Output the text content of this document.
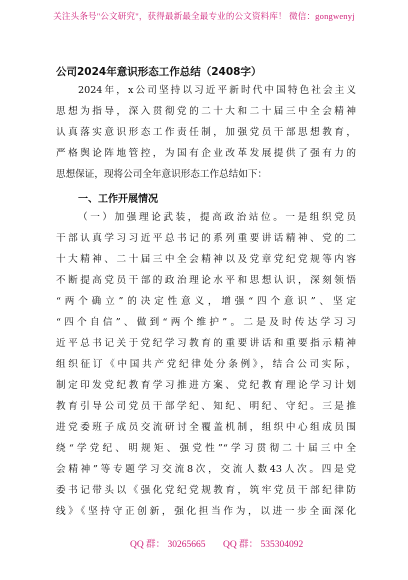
关注头条号"公文研究"，获得最新最全最专业的公文资料库！ 微信：gongwenyj
公司2024年意识形态工作总结（2408字）
2024年，x公司坚持以习近平新时代中国特色社会主义
思想为指导，深入贯彻党的二十大和二十届三中全会精神
认真落实意识形态工作责任制，加强党员干部思想教育，
严格舆论阵地管控，为国有企业改革发展提供了强有力的
思想保证，现将公司全年意识形态工作总结如下：
一、工作开展情况
（一）加强理论武装，提高政治站位。一是组织党员
干部认真学习习近平总书记的系列重要讲话精神、党的二
十大精神、二十届三中全会精神以及党章党纪党规等内容
不断提高党员干部的政治理论水平和思想认识，深刻领悟
“两个确立”的决定性意义，增强“四个意识”、坚定
“四个自信”、做到“两个维护”。二是及时传达学习习
近平总书记关于党纪学习教育的重要讲话和重要指示精神
组织征订《中国共产党纪律处分条例》，结合公司实际，
制定印发党纪教育学习推进方案、党纪教育理论学习计划
教育引导公司党员干部学纪、知纪、明纪、守纪。三是推
进党委班子成员交流研讨全覆盖机制，组织中心组成员围
绕“学党纪、明规矩、强党性”“学习贯彻二十届三中全
会精神”等专题学习交流8次，交流人数43人次。四是党
委书记带头以《强化党纪党规教育，筑牢党员干部纪律防
线》《坚持守正创新，强化担当作为，以进一步全面深化
QQ 群： 30265665 QQ 群： 535304092
